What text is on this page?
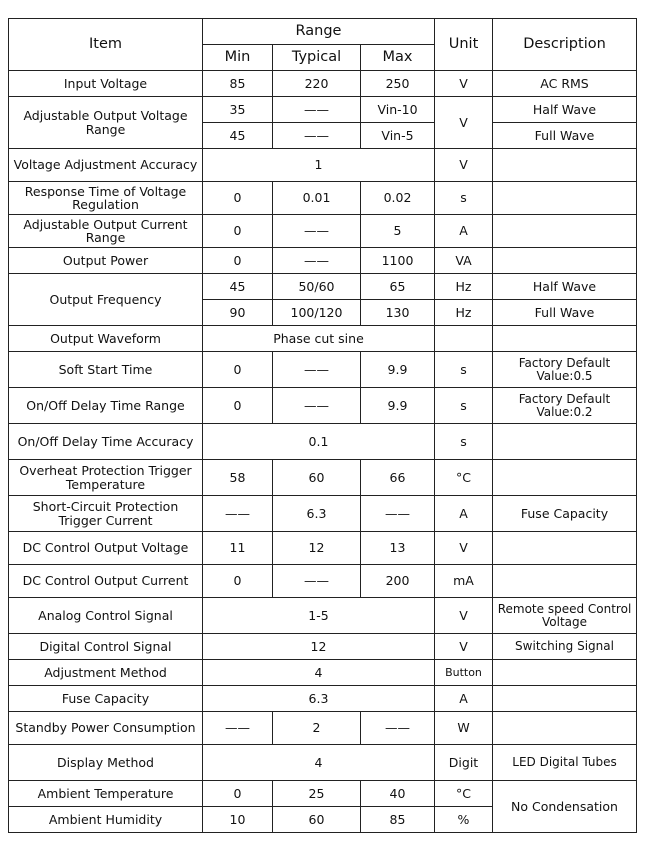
Item	Range			Unit	Description
	Min	Typical	Max		
Input Voltage	85	220	250	V	AC RMS
Adjustable Output Voltage Range	35	——	Vin-10	V	Half Wave
	45	——	Vin-5		Full Wave
Voltage Adjustment Accuracy	1			V	
Response Time of Voltage Regulation	0	0.01	0.02	s	
Adjustable Output Current Range	0	——	5	A	
Output Power	0	——	1100	VA	
Output Frequency	45	50/60	65	Hz	Half Wave
	90	100/120	130	Hz	Full Wave
Output Waveform	Phase cut sine				
Soft Start Time	0	——	9.9	s	Factory Default Value:0.5
On/Off Delay Time Range	0	——	9.9	s	Factory Default Value:0.2
On/Off Delay Time Accuracy	0.1			s	
Overheat Protection Trigger Temperature	58	60	66	°C	
Short-Circuit Protection Trigger Current	——	6.3	——	A	Fuse Capacity
DC Control Output Voltage	11	12	13	V	
DC Control Output Current	0	——	200	mA	
Analog Control Signal	1-5			V	Remote speed Control Voltage
Digital Control Signal	12			V	Switching Signal
Adjustment Method	4			Button	
Fuse Capacity	6.3			A	
Standby Power Consumption	——	2	——	W	
Display Method	4			Digit	LED Digital Tubes
Ambient Temperature	0	25	40	°C	No Condensation
Ambient Humidity	10	60	85	%	
